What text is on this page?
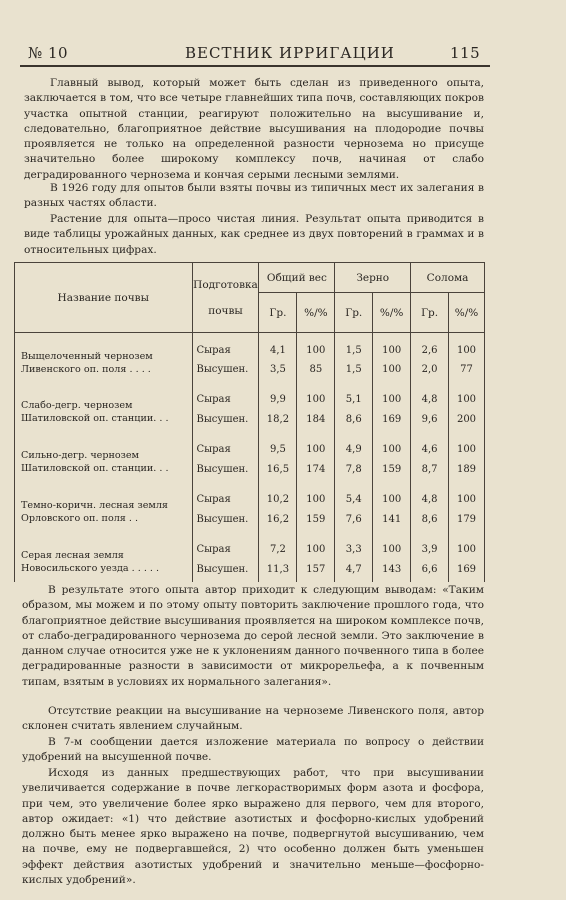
№ 10	ВЕСТНИК ИРРИГАЦИИ	115

Главный вывод, который может быть сделан из приведенного опыта, заключается в том, что все четыре главнейших типа почв, составляющих покров участка опытной станции, реагируют положительно на высушивание и, следовательно, благоприятное действие высушивания на плодородие почвы проявляется не только на определенной разности чернозема но присуще значительно более широкому комплексу почв, начиная от слабо деградированного чернозема и кончая серыми лесными землями.

В 1926 году для опытов были взяты почвы из типичных мест их залегания в разных частях области.

Растение для опыта—просо чистая линия. Результат опыта приводится в виде таблицы урожайных данных, как среднее из двух повторений в граммах и в относительных цифрах.

Название почвы	Подготовка
почвы	Общий вес		Зерно		Солома	
		Гр.	%/%	Гр.	%/%	Гр.	%/%
Выщелоченный чернозем Ливенского оп. поля . . . .	Сырая	4,1	100	1,5	100	2,6	100
	Высушен.	3,5	85	1,5	100	2,0	77
Слабо-дегр. чернозем Шатиловской оп. станции. . .	Сырая	9,9	100	5,1	100	4,8	100
	Высушен.	18,2	184	8,6	169	9,6	200
Сильно-дегр. чернозем Шатиловской оп. станции. . .	Сырая	9,5	100	4,9	100	4,6	100
	Высушен.	16,5	174	7,8	159	8,7	189
Темно-коричн. лесная земля Орловского оп. поля . .	Сырая	10,2	100	5,4	100	4,8	100
	Высушен.	16,2	159	7,6	141	8,6	179
Серая лесная земля Новосильского уезда . . . . .	Сырая	7,2	100	3,3	100	3,9	100
	Высушен.	11,3	157	4,7	143	6,6	169

В результате этого опыта автор приходит к следующим выводам: «Таким образом, мы можем и по этому опыту повторить заключение прошлого года, что благоприятное действие высушивания проявляется на широком комплексе почв, от слабо-деградированного чернозема до серой лесной земли. Это заключение в данном случае относится уже не к уклонениям данного почвенного типа в более деградированные разности в зависимости от микрорельефа, а к почвенным типам, взятым в условиях их нормального залегания».

Отсутствие реакции на высушивание на черноземе Ливенского поля, автор склонен считать явлением случайным.

В 7-м сообщении дается изложение материала по вопросу о действии удобрений на высушенной почве.

Исходя из данных предшествующих работ, что при высушивании увеличивается содержание в почве легкорастворимых форм азота и фосфора, при чем, это увеличение более ярко выражено для первого, чем для второго, автор ожидает: «1) что действие азотистых и фосфорно-кислых удобрений должно быть менее ярко выражено на почве, подвергнутой высушиванию, чем на почве, ему не подвергавшейся, 2) что особенно должен быть уменьшен эффект действия азотистых удобрений и значительно меньше—фосфорно-кислых удобрений».
